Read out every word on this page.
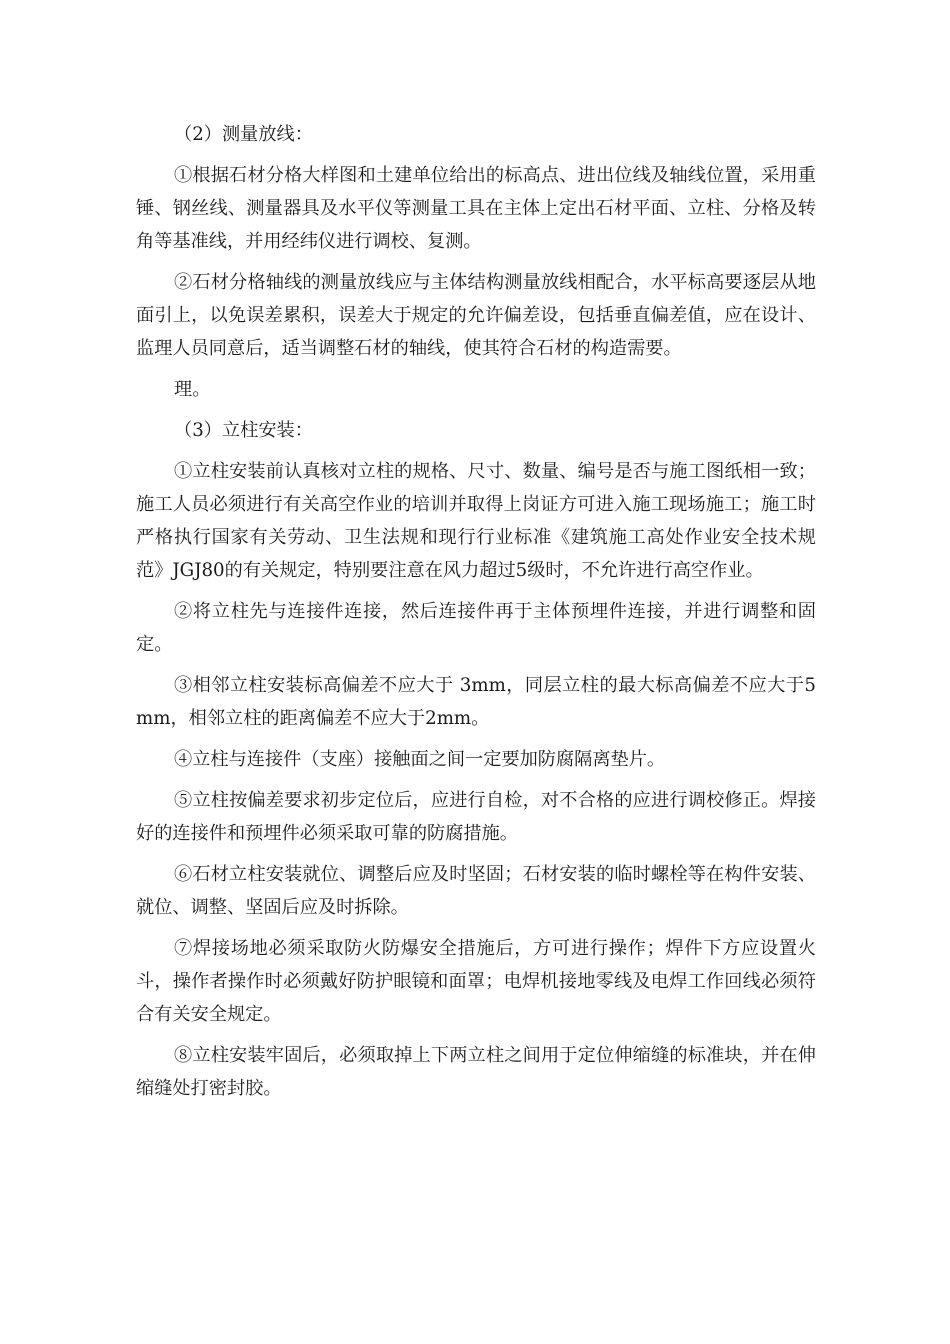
（2）测量放线：

①根据石材分格大样图和土建单位给出的标高点、进出位线及轴线位置，采用重锤、钢丝线、测量器具及水平仪等测量工具在主体上定出石材平面、立柱、分格及转角等基准线，并用经纬仪进行调校、复测。

②石材分格轴线的测量放线应与主体结构测量放线相配合，水平标高要逐层从地面引上，以免误差累积，误差大于规定的允许偏差设，包括垂直偏差值，应在设计、监理人员同意后，适当调整石材的轴线，使其符合石材的构造需要。

理。

（3）立柱安装：

①立柱安装前认真核对立柱的规格、尺寸、数量、编号是否与施工图纸相一致；施工人员必须进行有关高空作业的培训并取得上岗证方可进入施工现场施工；施工时严格执行国家有关劳动、卫生法规和现行行业标准《建筑施工高处作业安全技术规范》JGJ80的有关规定，特别要注意在风力超过5级时，不允许进行高空作业。

②将立柱先与连接件连接，然后连接件再于主体预埋件连接，并进行调整和固定。

③相邻立柱安装标高偏差不应大于 3mm，同层立柱的最大标高偏差不应大于5mm，相邻立柱的距离偏差不应大于2mm。

④立柱与连接件（支座）接触面之间一定要加防腐隔离垫片。

⑤立柱按偏差要求初步定位后，应进行自检，对不合格的应进行调校修正。焊接好的连接件和预埋件必须采取可靠的防腐措施。

⑥石材立柱安装就位、调整后应及时坚固；石材安装的临时螺栓等在构件安装、就位、调整、坚固后应及时拆除。

⑦焊接场地必须采取防火防爆安全措施后，方可进行操作；焊件下方应设置火斗，操作者操作时必须戴好防护眼镜和面罩；电焊机接地零线及电焊工作回线必须符合有关安全规定。

⑧立柱安装牢固后，必须取掉上下两立柱之间用于定位伸缩缝的标准块，并在伸缩缝处打密封胶。
